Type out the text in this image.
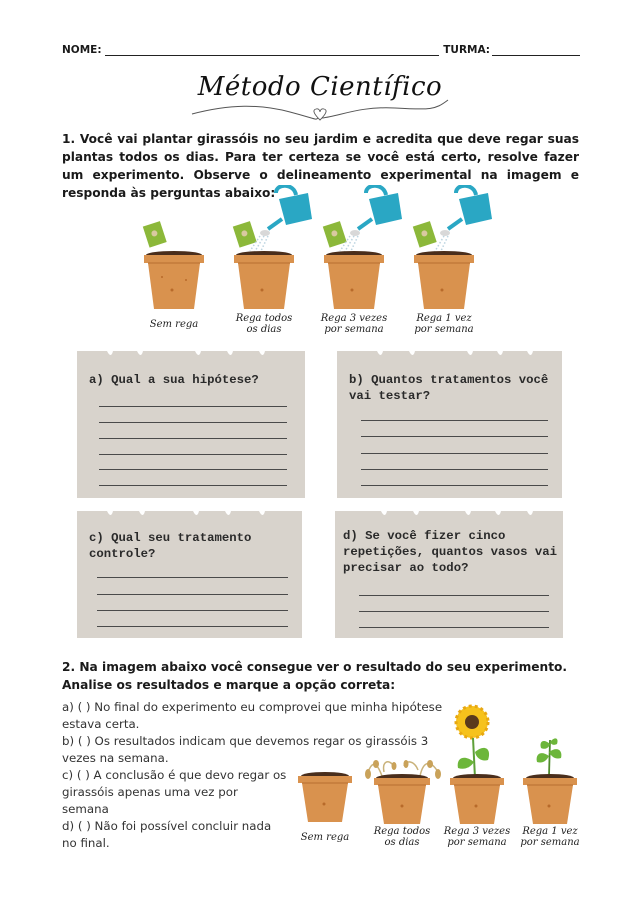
NOME:	TURMA:
Método Científico
1. Você vai plantar girassóis no seu jardim e acredita que deve regar suas plantas todos os dias. Para ter certeza se você está certo, resolve fazer um experimento. Observe o delineamento experimental na imagem e responda às perguntas abaixo:
Sem rega
Rega todos
os dias
Rega 3 vezes
por semana
Rega 1 vez
por semana
a) Qual a sua hipótese?	b) Quantos tratamentos você vai testar?
c) Qual seu tratamento controle?
d) Se você fizer cinco repetições, quantos vasos vai precisar ao todo?
2. Na imagem abaixo você consegue ver o resultado do seu experimento. Analise os resultados e marque a opção correta:
a) ( ) No final do experimento eu comprovei que minha hipótese estava certa.
b) ( ) Os resultados indicam que devemos regar os girassóis 3 vezes na semana.
c) ( ) A conclusão é que devo regar os girassóis apenas uma vez por semana
d) ( ) Não foi possível concluir nada no final.	Sem rega
Rega todos
os dias
Rega 3 vezes
por semana
Rega 1 vez
por semana
